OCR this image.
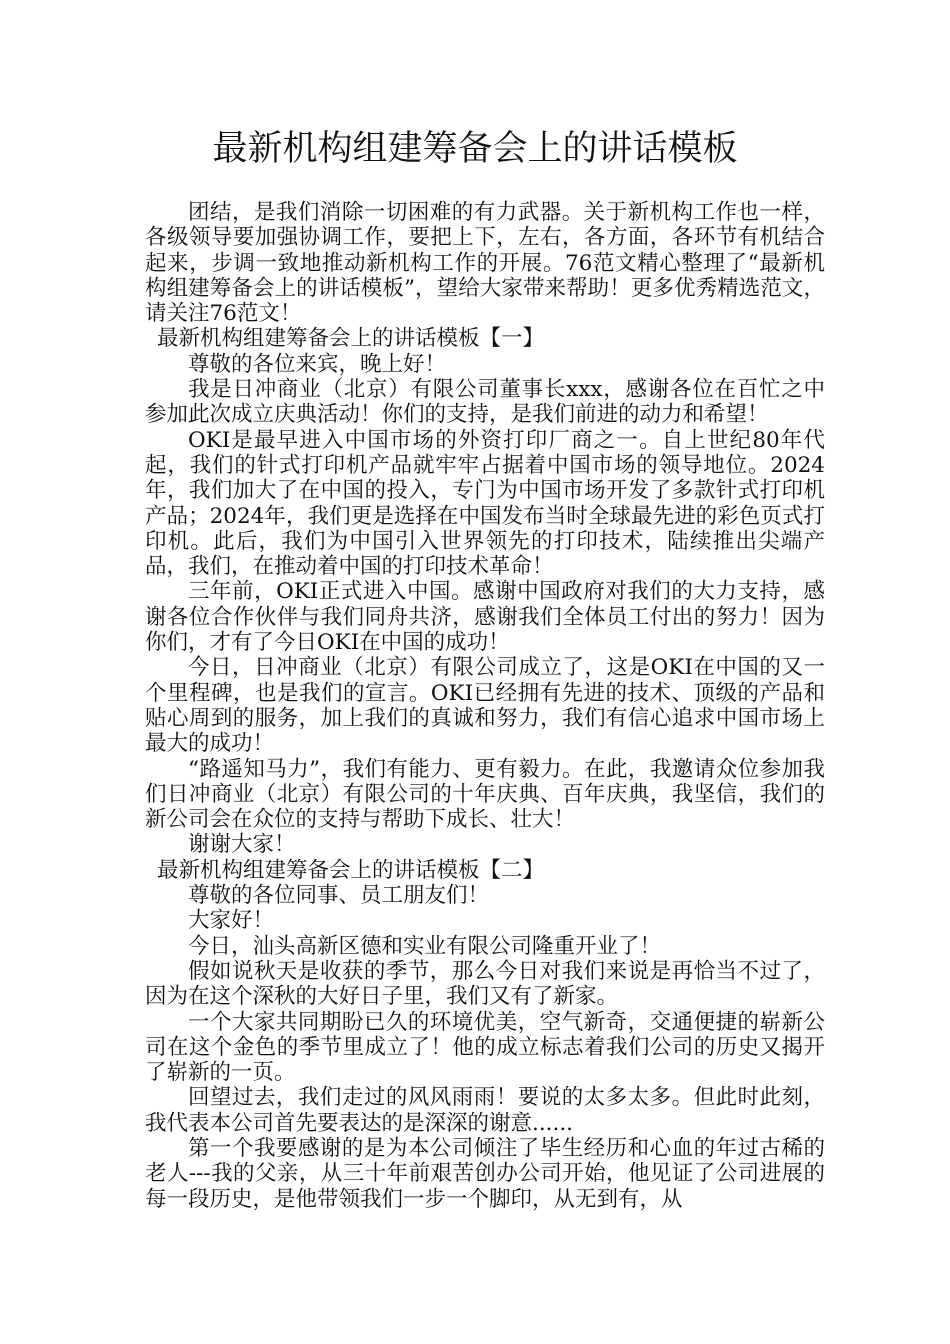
最新机构组建筹备会上的讲话模板

团结，是我们消除一切困难的有力武器。关于新机构工作也一样，各级领导要加强协调工作，要把上下，左右，各方面，各环节有机结合起来，步调一致地推动新机构工作的开展。76范文精心整理了“最新机构组建筹备会上的讲话模板”，望给大家带来帮助！更多优秀精选范文，请关注76范文！

最新机构组建筹备会上的讲话模板【一】

尊敬的各位来宾，晚上好！

我是日冲商业（北京）有限公司董事长xxx，感谢各位在百忙之中参加此次成立庆典活动！你们的支持，是我们前进的动力和希望！

OKI是最早进入中国市场的外资打印厂商之一。自上世纪80年代起，我们的针式打印机产品就牢牢占据着中国市场的领导地位。2024年，我们加大了在中国的投入，专门为中国市场开发了多款针式打印机产品；2024年，我们更是选择在中国发布当时全球最先进的彩色页式打印机。此后，我们为中国引入世界领先的打印技术，陆续推出尖端产品，我们，在推动着中国的打印技术革命！

三年前，OKI正式进入中国。感谢中国政府对我们的大力支持，感谢各位合作伙伴与我们同舟共济，感谢我们全体员工付出的努力！因为你们，才有了今日OKI在中国的成功！

今日，日冲商业（北京）有限公司成立了，这是OKI在中国的又一个里程碑，也是我们的宣言。OKI已经拥有先进的技术、顶级的产品和贴心周到的服务，加上我们的真诚和努力，我们有信心追求中国市场上最大的成功！

“路遥知马力”，我们有能力、更有毅力。在此，我邀请众位参加我们日冲商业（北京）有限公司的十年庆典、百年庆典，我坚信，我们的新公司会在众位的支持与帮助下成长、壮大！

谢谢大家！

最新机构组建筹备会上的讲话模板【二】

尊敬的各位同事、员工朋友们！

大家好！

今日，汕头高新区德和实业有限公司隆重开业了！

假如说秋天是收获的季节，那么今日对我们来说是再恰当不过了，因为在这个深秋的大好日子里，我们又有了新家。

一个大家共同期盼已久的环境优美，空气新奇，交通便捷的崭新公司在这个金色的季节里成立了！他的成立标志着我们公司的历史又揭开了崭新的一页。

回望过去，我们走过的风风雨雨！要说的太多太多。但此时此刻，我代表本公司首先要表达的是深深的谢意......

第一个我要感谢的是为本公司倾注了毕生经历和心血的年过古稀的老人---我的父亲，从三十年前艰苦创办公司开始，他见证了公司进展的每一段历史，是他带领我们一步一个脚印，从无到有，从
